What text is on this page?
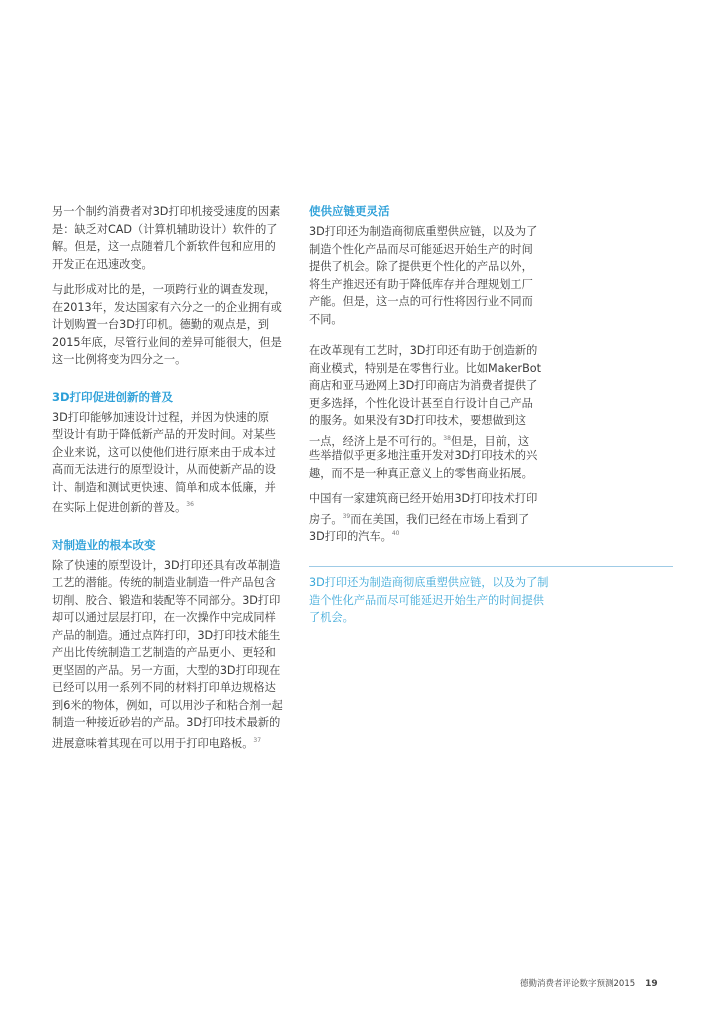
另一个制约消费者对3D打印机接受速度的因素
是：缺乏对CAD（计算机辅助设计）软件的了
解。但是，这一点随着几个新软件包和应用的
开发正在迅速改变。
与此形成对比的是，一项跨行业的调查发现，
在2013年，发达国家有六分之一的企业拥有或
计划购置一台3D打印机。德勤的观点是，到
2015年底，尽管行业间的差异可能很大，但是
这一比例将变为四分之一。
3D打印促进创新的普及
3D打印能够加速设计过程，并因为快速的原
型设计有助于降低新产品的开发时间。对某些
企业来说，这可以使他们进行原来由于成本过
高而无法进行的原型设计，从而使新产品的设
计、制造和测试更快速、简单和成本低廉，并
在实际上促进创新的普及。$^{36}$
对制造业的根本改变
除了快速的原型设计，3D打印还具有改革制造
工艺的潜能。传统的制造业制造一件产品包含
切削、胶合、锻造和装配等不同部分。3D打印
却可以通过层层打印，在一次操作中完成同样
产品的制造。通过点阵打印，3D打印技术能生
产出比传统制造工艺制造的产品更小、更轻和
更坚固的产品。另一方面，大型的3D打印现在
已经可以用一系列不同的材料打印单边规格达
到6米的物体，例如，可以用沙子和粘合剂一起
制造一种接近砂岩的产品。3D打印技术最新的
进展意味着其现在可以用于打印电路板。$^{37}$
使供应链更灵活
3D打印还为制造商彻底重塑供应链，以及为了
制造个性化产品而尽可能延迟开始生产的时间
提供了机会。除了提供更个性化的产品以外，
将生产推迟还有助于降低库存并合理规划工厂
产能。但是，这一点的可行性将因行业不同而
不同。
在改革现有工艺时，3D打印还有助于创造新的
商业模式，特别是在零售行业。比如MakerBot
商店和亚马逊网上3D打印商店为消费者提供了
更多选择，个性化设计甚至自行设计自己产品
的服务。如果没有3D打印技术，要想做到这
一点，经济上是不可行的。$^{38}$但是，目前，这
些举措似乎更多地注重开发对3D打印技术的兴
趣，而不是一种真正意义上的零售商业拓展。
中国有一家建筑商已经开始用3D打印技术打印
房子。$^{39}$而在美国，我们已经在市场上看到了
3D打印的汽车。$^{40}$
3D打印还为制造商彻底重塑供应链，以及为了制
造个性化产品而尽可能延迟开始生产的时间提供
了机会。
德勤消费者评论数字预测2015 19
